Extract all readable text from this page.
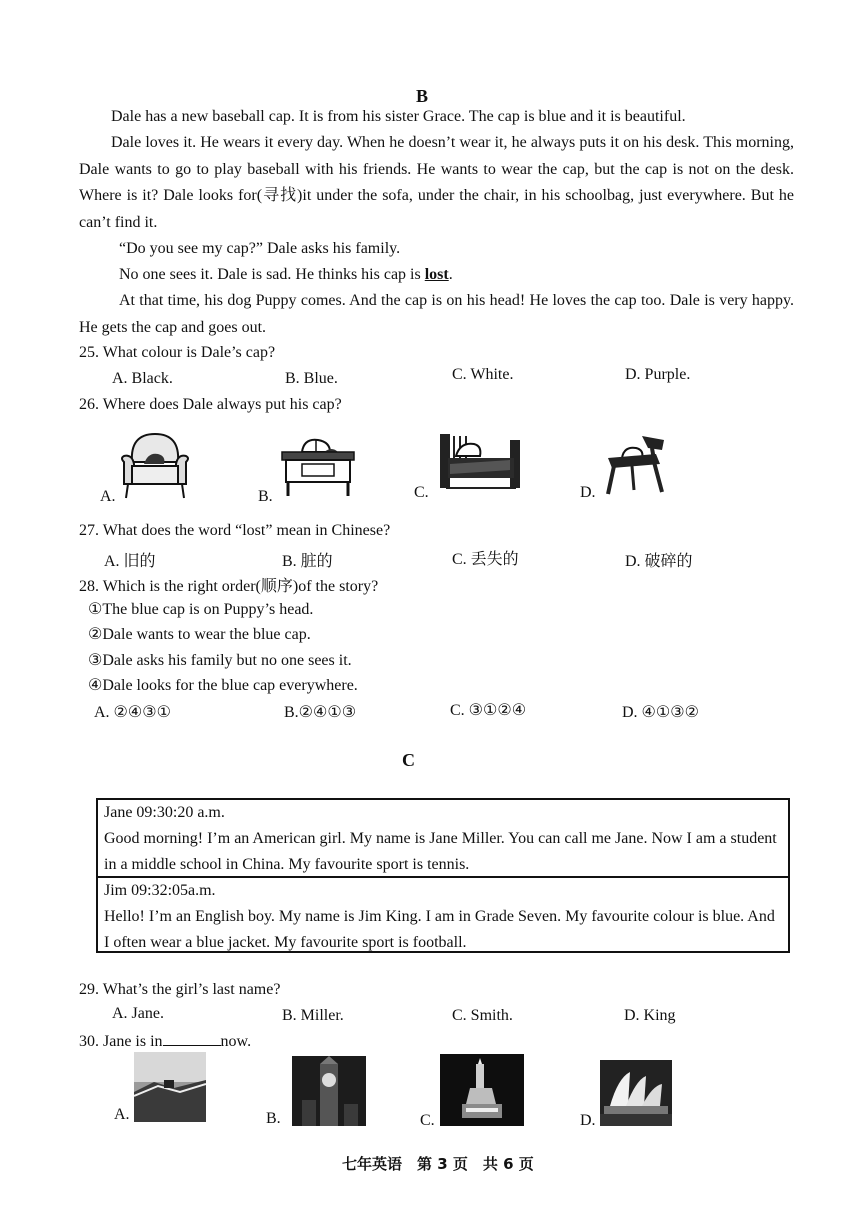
B
Dale has a new baseball cap. It is from his sister Grace. The cap is blue and it is beautiful.
Dale loves it. He wears it every day. When he doesn’t wear it, he always puts it on his desk. This morning, Dale wants to go to play baseball with his friends. He wants to wear the cap, but the cap is not on the desk. Where is it? Dale looks for(寻找)it under the sofa, under the chair, in his schoolbag, just everywhere. But he can’t find it.
“Do you see my cap?” Dale asks his family.
No one sees it. Dale is sad. He thinks his cap is lost.
At that time, his dog Puppy comes. And the cap is on his head! He loves the cap too. Dale is very happy. He gets the cap and goes out.
25. What colour is Dale’s cap?
A. Black.	B. Blue.	C. White.	D. Purple.
26. Where does Dale always put his cap?
A.	B.	C.	D.
27. What does the word “lost” mean in Chinese?
A. 旧的	B. 脏的	C. 丢失的	D. 破碎的
28. Which is the right order(顺序)of the story?
①The blue cap is on Puppy’s head.
②Dale wants to wear the blue cap.
③Dale asks his family but no one sees it.
④Dale looks for the blue cap everywhere.
A. ②④③①	B.②④①③	C. ③①②④	D. ④①③②
C
Jane 09:30:20 a.m.
Good morning! I’m an American girl. My name is Jane Miller. You can call me Jane. Now I am a student in a middle school in China. My favourite sport is tennis.
Jim 09:32:05a.m.
Hello! I’m an English boy. My name is Jim King. I am in Grade Seven. My favourite colour is blue. And I often wear a blue jacket. My favourite sport is football.
29. What’s the girl’s last name?
A. Jane.	B. Miller.	C. Smith.	D. King
30. Jane is in	now.
A.	B.	C.	D.
七年英语　第 3 页　共 6 页
